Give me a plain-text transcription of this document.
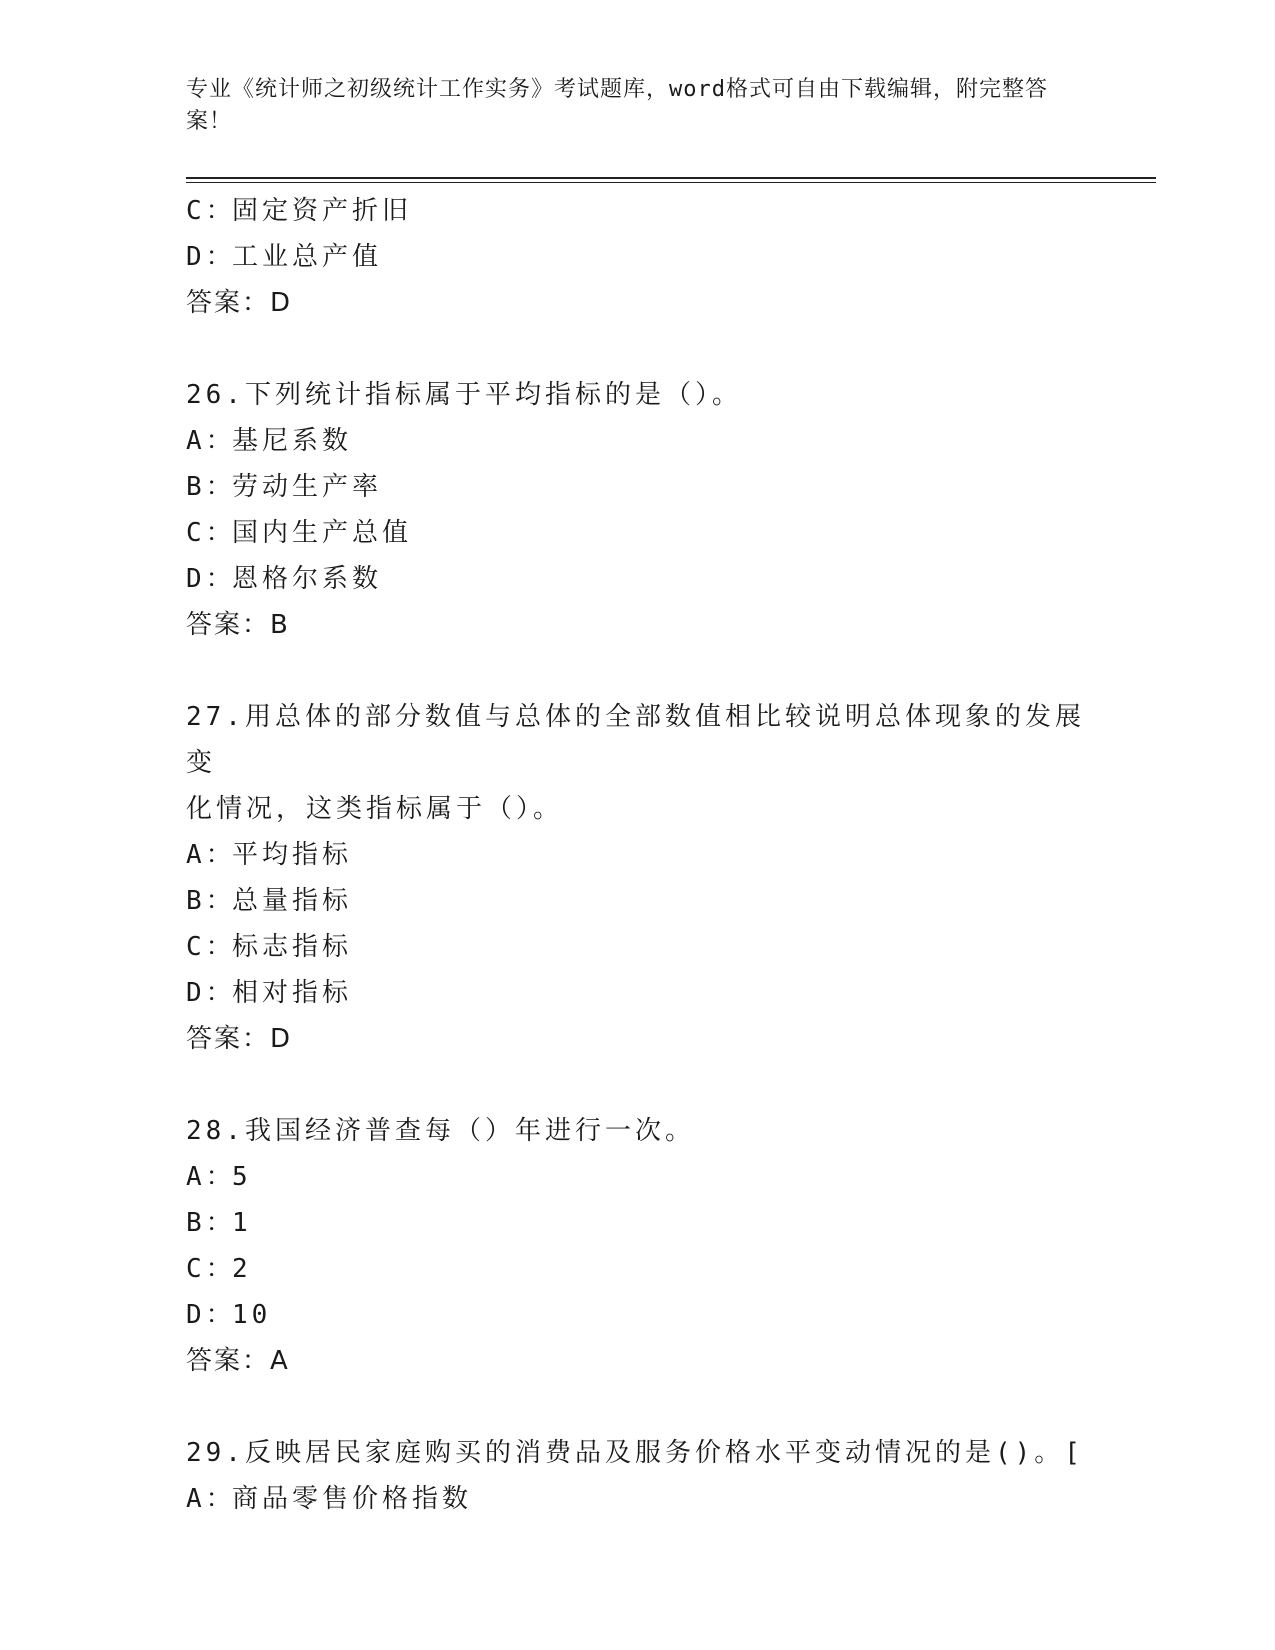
专业《统计师之初级统计工作实务》考试题库，word格式可自由下载编辑，附完整答案！
C：固定资产折旧
D：工业总产值
答案：D
26.下列统计指标属于平均指标的是（）。
A：基尼系数
B：劳动生产率
C：国内生产总值
D：恩格尔系数
答案：B
27.用总体的部分数值与总体的全部数值相比较说明总体现象的发展变
化情况，这类指标属于（）。
A：平均指标
B：总量指标
C：标志指标
D：相对指标
答案：D
28.我国经济普查每（）年进行一次。
A：5
B：1
C：2
D：10
答案：A
29.反映居民家庭购买的消费品及服务价格水平变动情况的是()。[
A：商品零售价格指数
